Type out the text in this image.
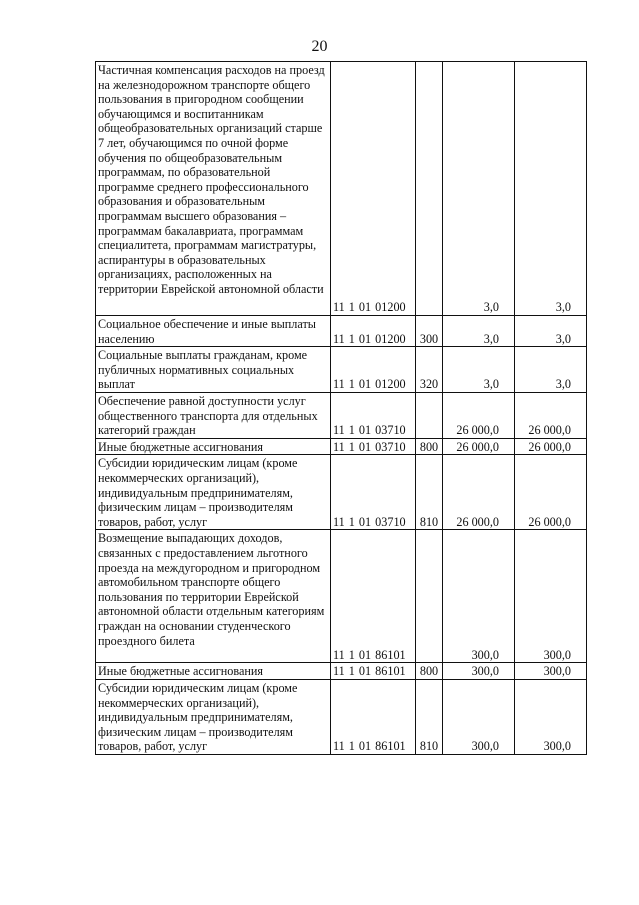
20
Частичная компенсация расходов на проезд на железнодорожном транспорте общего пользования в пригородном сообщении обучающимся и воспитанникам общеобразовательных организаций старше 7 лет, обучающимся по очной форме обучения по общеобразовательным программам, по образовательной программе среднего профессионального образования и образовательным программам высшего образования – программам бакалавриата, программам специалитета, программам магистратуры, аспирантуры в образовательных организациях, расположенных на территории Еврейской автономной области	11 1 01 01200		3,0	3,0

Социальное обеспечение и иные выплаты населению	11 1 01 01200	300	3,0	3,0

Социальные выплаты гражданам, кроме публичных нормативных социальных выплат	11 1 01 01200	320	3,0	3,0

Обеспечение равной доступности услуг общественного транспорта для отдельных категорий граждан	11 1 01 03710		26 000,0	26 000,0

Иные бюджетные ассигнования	11 1 01 03710	800	26 000,0	26 000,0

Субсидии юридическим лицам (кроме некоммерческих организаций), индивидуальным предпринимателям, физическим лицам – производителям товаров, работ, услуг	11 1 01 03710	810	26 000,0	26 000,0

Возмещение выпадающих доходов, связанных с предоставлением льготного проезда на междугородном и пригородном автомобильном транспорте общего пользования по территории Еврейской автономной области отдельным категориям граждан на основании студенческого проездного билета	11 1 01 86101		300,0	300,0

Иные бюджетные ассигнования	11 1 01 86101	800	300,0	300,0

Субсидии юридическим лицам (кроме некоммерческих организаций), индивидуальным предпринимателям, физическим лицам – производителям товаров, работ, услуг	11 1 01 86101	810	300,0	300,0
